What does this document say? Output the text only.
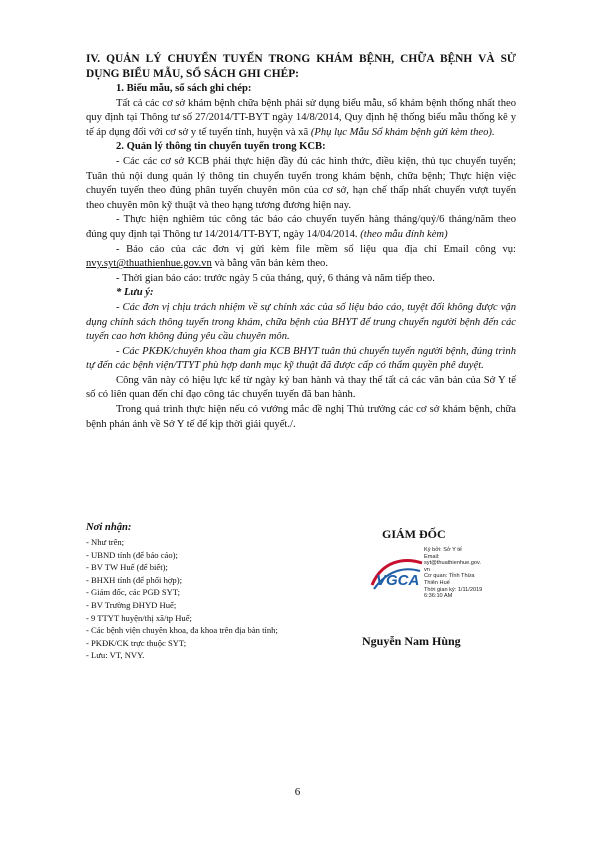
IV. QUẢN LÝ CHUYỂN TUYẾN TRONG KHÁM BỆNH, CHỮA BỆNH VÀ SỬ DỤNG BIỂU MẪU, SỔ SÁCH GHI CHÉP:

1. Biểu mẫu, sổ sách ghi chép:

Tất cả các cơ sở khám bệnh chữa bệnh phải sử dụng biểu mẫu, sổ khám bệnh thống nhất theo quy định tại Thông tư số 27/2014/TT-BYT ngày 14/8/2014, Quy định hệ thống biểu mẫu thống kê y tế áp dụng đối với cơ sở y tế tuyến tỉnh, huyện và xã (Phụ lục Mẫu Sổ khám bệnh gửi kèm theo).

2. Quản lý thông tin chuyển tuyến trong KCB:

- Các các cơ sở KCB phải thực hiện đầy đủ các hình thức, điều kiện, thủ tục chuyển tuyến; Tuân thủ nội dung quản lý thông tin chuyển tuyến trong khám bệnh, chữa bệnh; Thực hiện việc chuyển tuyến theo đúng phân tuyến chuyên môn của cơ sở, hạn chế thấp nhất chuyển vượt tuyến theo chuyên môn kỹ thuật và theo hạng tương đương hiện nay.

- Thực hiện nghiêm túc công tác báo cáo chuyển tuyến hàng tháng/quý/6 tháng/năm theo đúng quy định tại Thông tư 14/2014/TT-BYT, ngày 14/04/2014. (theo mẫu đính kèm)

- Báo cáo của các đơn vị gửi kèm file mềm số liệu qua địa chỉ Email công vụ: nvy.syt@thuathienhue.gov.vn và bằng văn bản kèm theo.

- Thời gian báo cáo: trước ngày 5 của tháng, quý, 6 tháng và năm tiếp theo.

* Lưu ý:

- Các đơn vị chịu trách nhiệm về sự chính xác của số liệu báo cáo, tuyệt đối không được vận dụng chính sách thông tuyến trong khám, chữa bệnh của BHYT để trung chuyển người bệnh đến các tuyến cao hơn không đúng yêu cầu chuyên môn.

- Các PKĐK/chuyên khoa tham gia KCB BHYT tuân thủ chuyển tuyến người bệnh, đúng trình tự đến các bệnh viện/TTYT phù hợp danh mục kỹ thuật đã được cấp có thẩm quyền phê duyệt.

Công văn này có hiệu lực kể từ ngày ký ban hành và thay thế tất cả các văn bản của Sở Y tế số có liên quan đến chỉ đạo công tác chuyển tuyến đã ban hành.

Trong quá trình thực hiện nếu có vướng mắc đề nghị Thủ trưởng các cơ sở khám bệnh, chữa bệnh phản ánh về Sở Y tế để kịp thời giải quyết./.

Nơi nhận:

- Như trên;
- UBND tỉnh (để báo cáo);
- BV TW Huế (để biết);
- BHXH tỉnh (để phối hợp);
- Giám đốc, các PGĐ SYT;
- BV Trường ĐHYD Huế;
- 9 TTYT huyện/thị xã/tp Huế;
- Các bệnh viện chuyên khoa, đa khoa trên địa bàn tỉnh;
- PKĐK/CK trực thuộc SYT;
- Lưu: VT, NVY.
GIÁM ĐỐC
VGCA
Ký bởi: Sở Y tế
Email:
syt@thuathienhue.gov.
vn
Cơ quan: Tỉnh Thừa
Thiên Huế
Thời gian ký: 1/11/2019
6:36:10 AM
Nguyễn Nam Hùng
6
